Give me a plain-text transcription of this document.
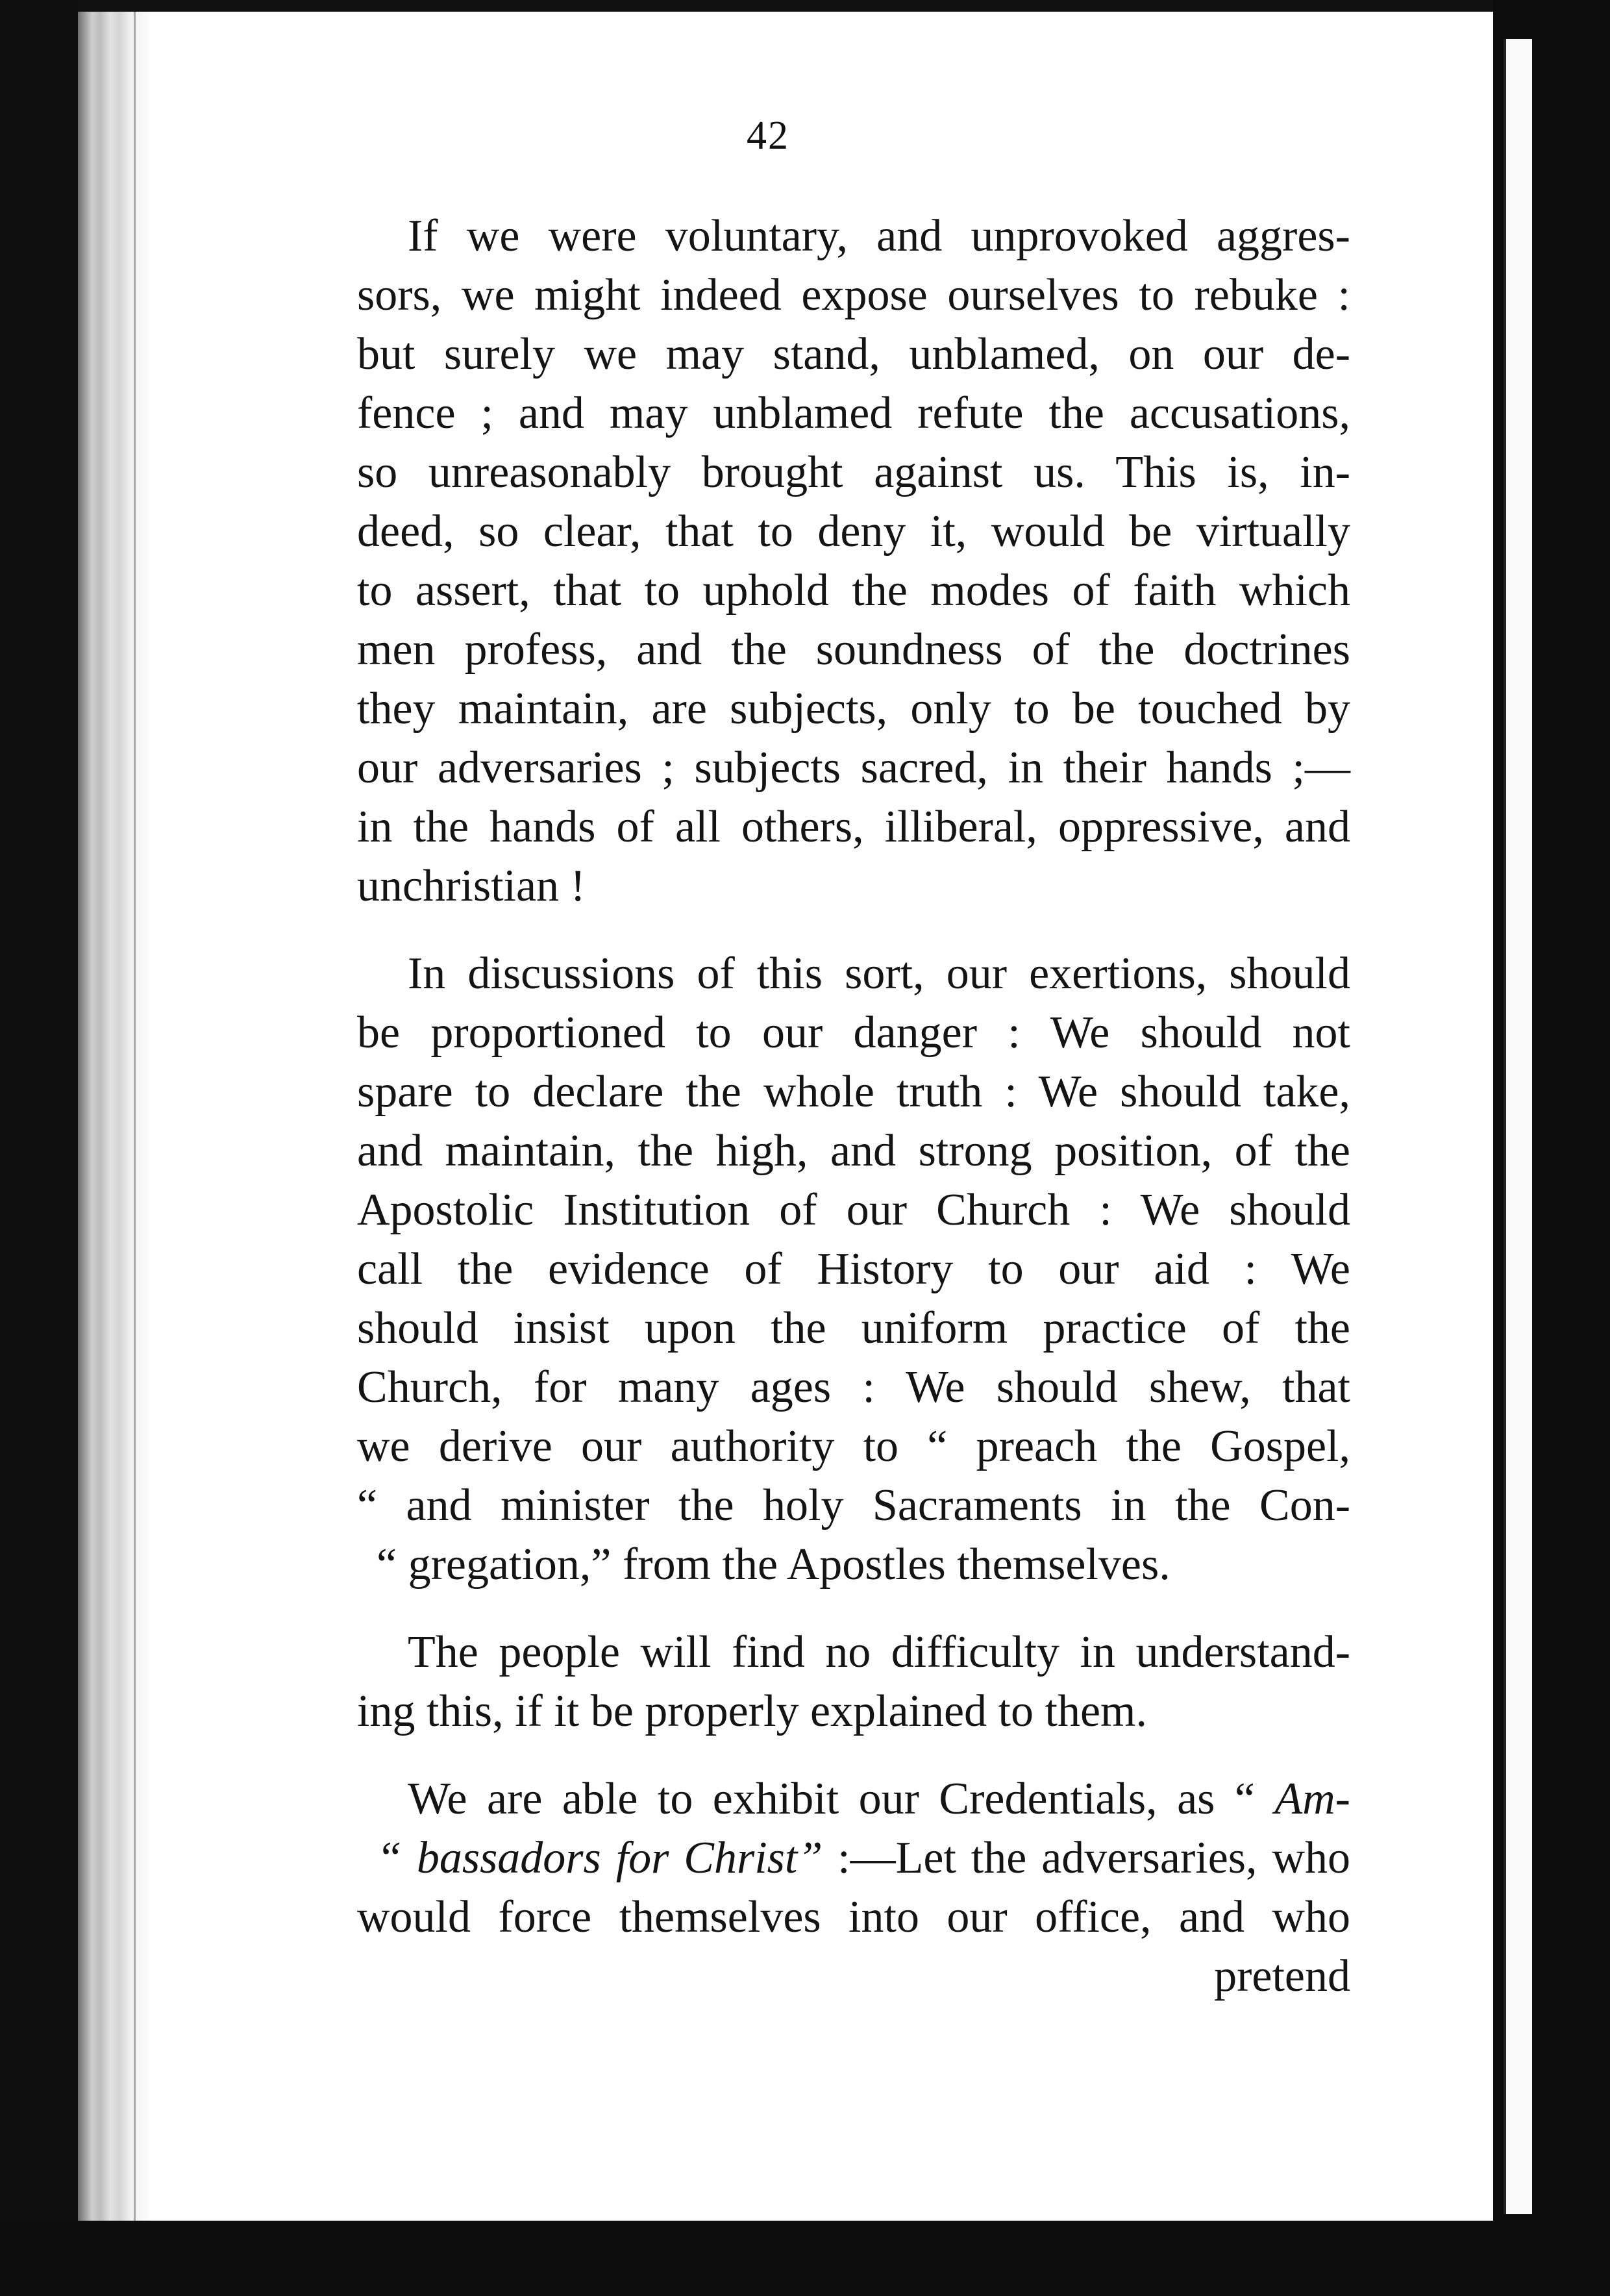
42
If we were voluntary, and unprovoked aggres-
sors, we might indeed expose ourselves to rebuke :
but surely we may stand, unblamed, on our de-
fence ; and may unblamed refute the accusations,
so unreasonably brought against us. This is, in-
deed, so clear, that to deny it, would be virtually
to assert, that to uphold the modes of faith which
men profess, and the soundness of the doctrines
they maintain, are subjects, only to be touched by
our adversaries ; subjects sacred, in their hands ;—
in the hands of all others, illiberal, oppressive, and
unchristian !
In discussions of this sort, our exertions, should
be proportioned to our danger : We should not
spare to declare the whole truth : We should take,
and maintain, the high, and strong position, of the
Apostolic Institution of our Church : We should
call the evidence of History to our aid : We
should insist upon the uniform practice of the
Church, for many ages : We should shew, that
we derive our authority to “ preach the Gospel,
“ and minister the holy Sacraments in the Con-
“ gregation,” from the Apostles themselves.
The people will find no difficulty in understand-
ing this, if it be properly explained to them.
We are able to exhibit our Credentials, as “ Am-
“ bassadors for Christ” :—Let the adversaries, who
would force themselves into our office, and who
pretend
